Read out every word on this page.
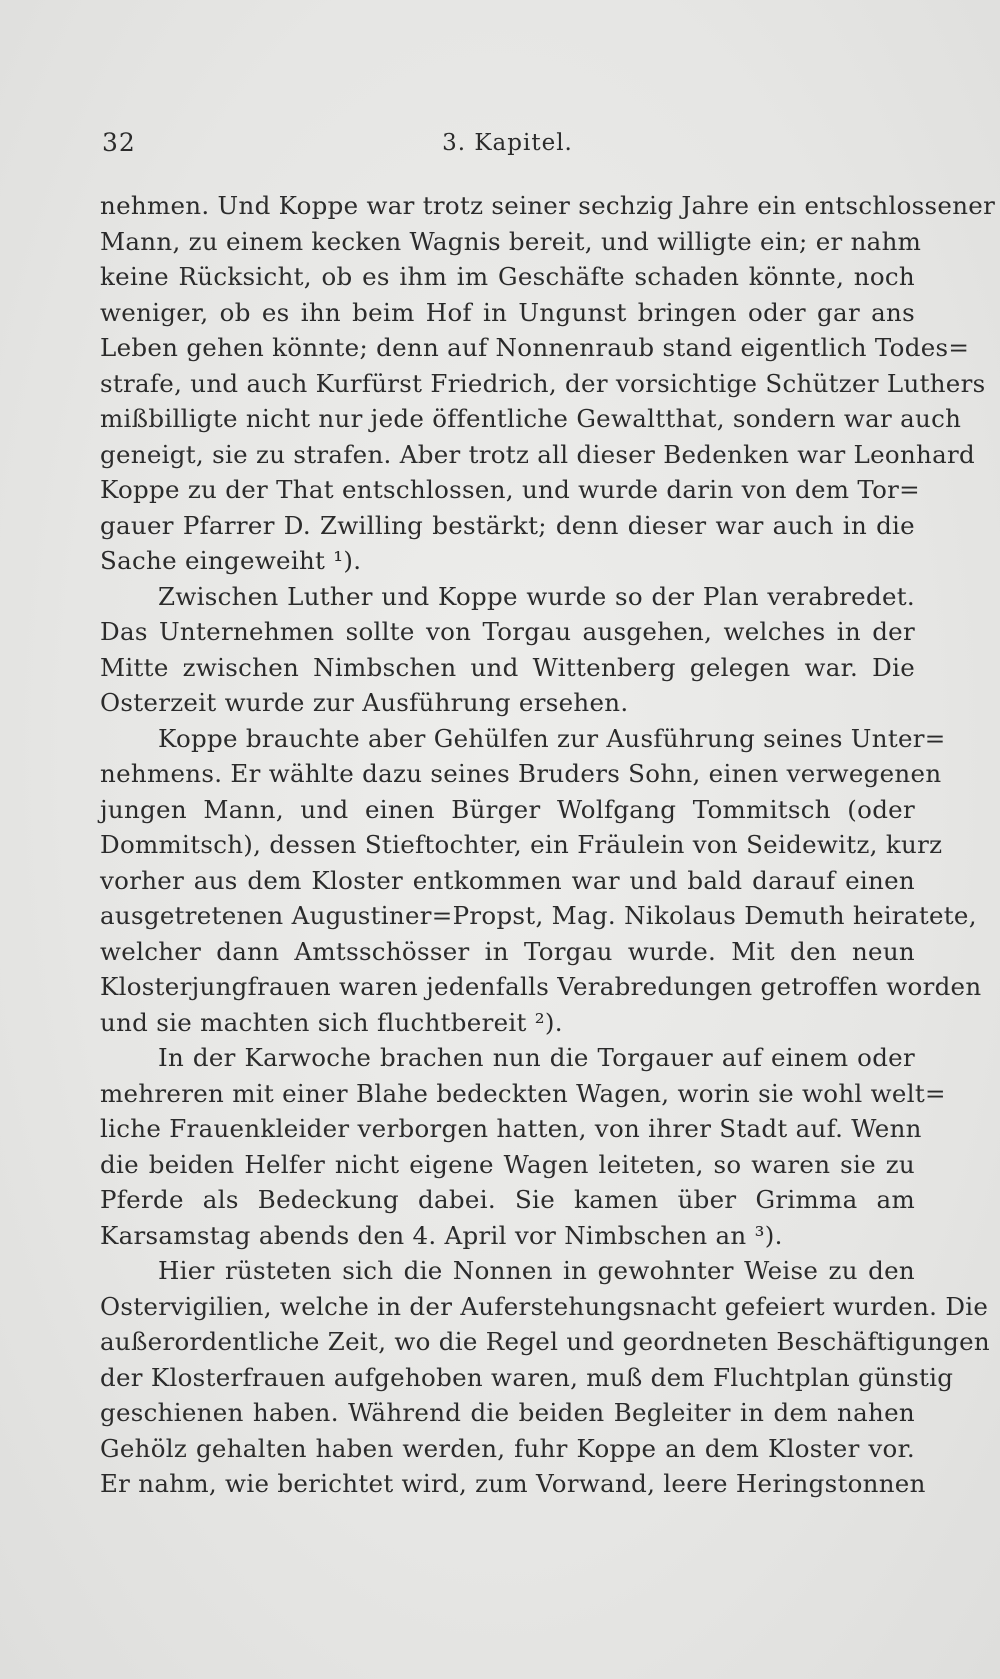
32	3. Kapitel.
nehmen. Und Koppe war trotz seiner sechzig Jahre ein entschlossener
Mann, zu einem kecken Wagnis bereit, und willigte ein; er nahm
keine Rücksicht, ob es ihm im Geschäfte schaden könnte, noch
weniger, ob es ihn beim Hof in Ungunst bringen oder gar ans
Leben gehen könnte; denn auf Nonnenraub stand eigentlich Todes=
strafe, und auch Kurfürst Friedrich, der vorsichtige Schützer Luthers
mißbilligte nicht nur jede öffentliche Gewaltthat, sondern war auch
geneigt, sie zu strafen. Aber trotz all dieser Bedenken war Leonhard
Koppe zu der That entschlossen, und wurde darin von dem Tor=
gauer Pfarrer D. Zwilling bestärkt; denn dieser war auch in die
Sache eingeweiht ¹).
Zwischen Luther und Koppe wurde so der Plan verabredet.
Das Unternehmen sollte von Torgau ausgehen, welches in der
Mitte zwischen Nimbschen und Wittenberg gelegen war. Die
Osterzeit wurde zur Ausführung ersehen.
Koppe brauchte aber Gehülfen zur Ausführung seines Unter=
nehmens. Er wählte dazu seines Bruders Sohn, einen verwegenen
jungen Mann, und einen Bürger Wolfgang Tommitsch (oder
Dommitsch), dessen Stieftochter, ein Fräulein von Seidewitz, kurz
vorher aus dem Kloster entkommen war und bald darauf einen
ausgetretenen Augustiner=Propst, Mag. Nikolaus Demuth heiratete,
welcher dann Amtsschösser in Torgau wurde. Mit den neun
Klosterjungfrauen waren jedenfalls Verabredungen getroffen worden
und sie machten sich fluchtbereit ²).
In der Karwoche brachen nun die Torgauer auf einem oder
mehreren mit einer Blahe bedeckten Wagen, worin sie wohl welt=
liche Frauenkleider verborgen hatten, von ihrer Stadt auf. Wenn
die beiden Helfer nicht eigene Wagen leiteten, so waren sie zu
Pferde als Bedeckung dabei. Sie kamen über Grimma am
Karsamstag abends den 4. April vor Nimbschen an ³).
Hier rüsteten sich die Nonnen in gewohnter Weise zu den
Ostervigilien, welche in der Auferstehungsnacht gefeiert wurden. Die
außerordentliche Zeit, wo die Regel und geordneten Beschäftigungen
der Klosterfrauen aufgehoben waren, muß dem Fluchtplan günstig
geschienen haben. Während die beiden Begleiter in dem nahen
Gehölz gehalten haben werden, fuhr Koppe an dem Kloster vor.
Er nahm, wie berichtet wird, zum Vorwand, leere Heringstonnen
